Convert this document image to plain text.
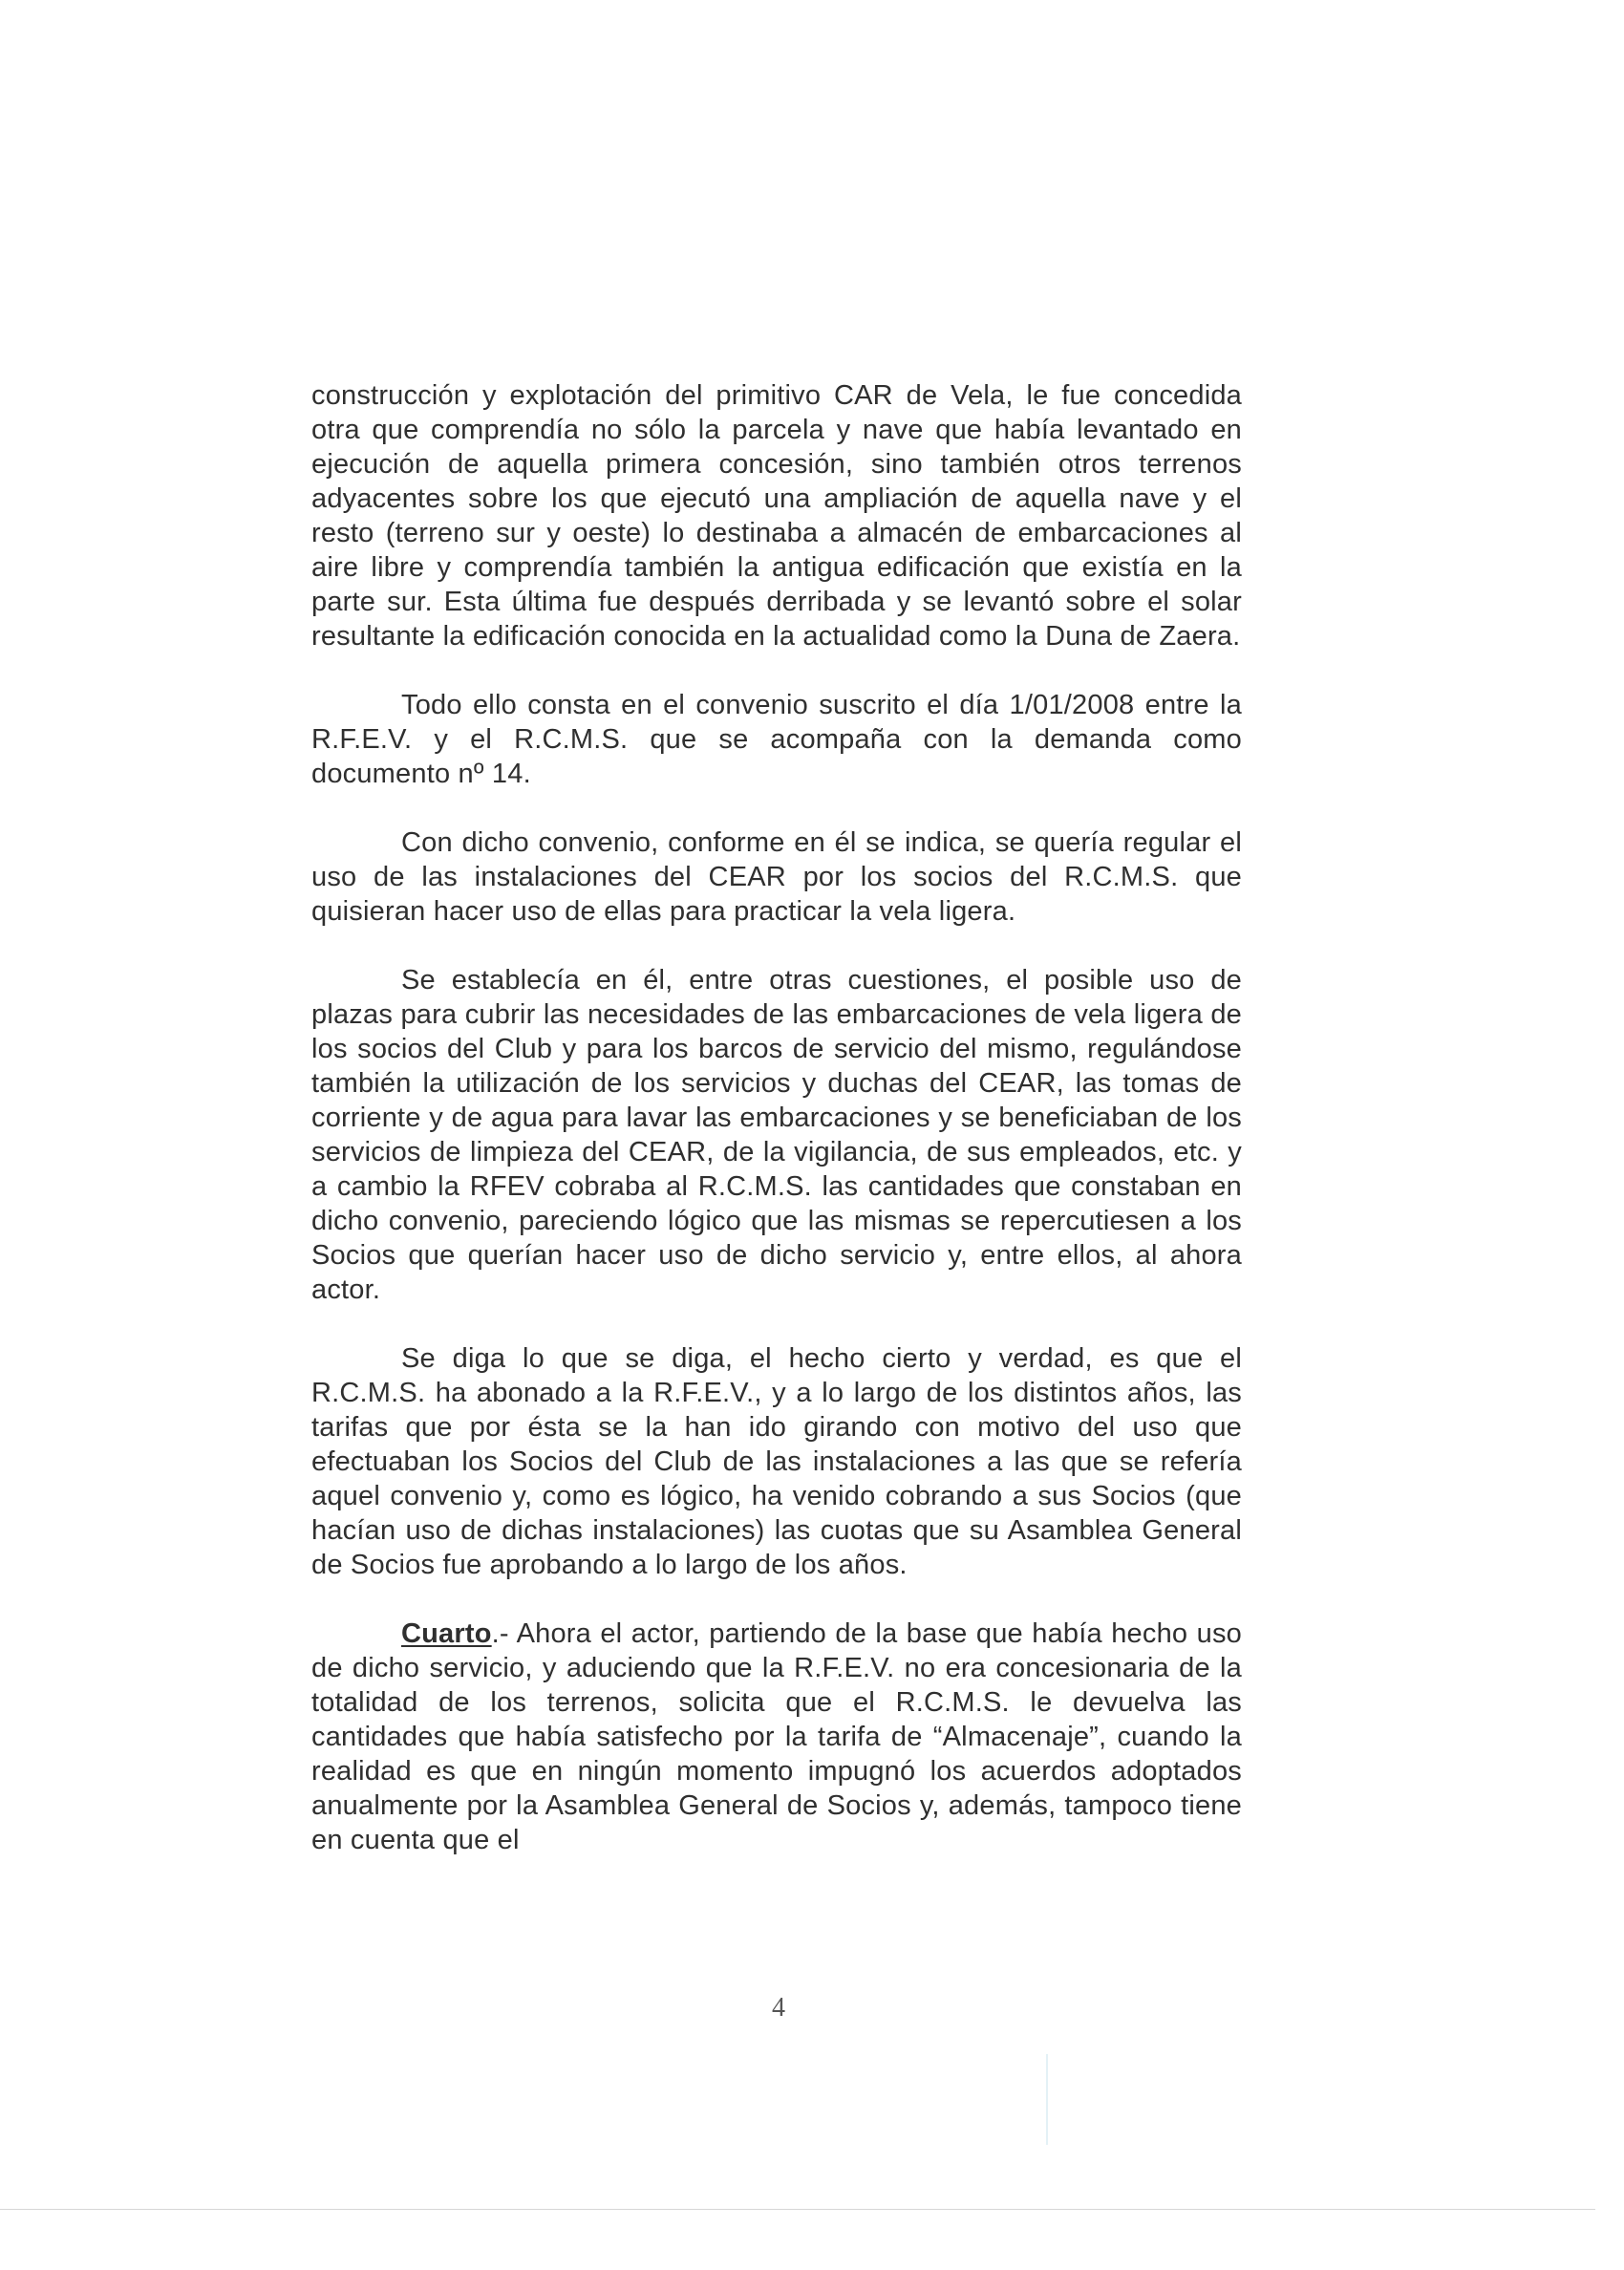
construcción y explotación del primitivo CAR de Vela, le fue concedida otra que comprendía no sólo la parcela y nave que había levantado en ejecución de aquella primera concesión, sino también otros terrenos adyacentes sobre los que ejecutó una ampliación de aquella nave y el resto (terreno sur y oeste) lo destinaba a almacén de embarcaciones al aire libre y comprendía también la antigua edificación que existía en la parte sur. Esta última fue después derribada y se levantó sobre el solar resultante la edificación conocida en la actualidad como la Duna de Zaera.

Todo ello consta en el convenio suscrito el día 1/01/2008 entre la R.F.E.V. y el R.C.M.S. que se acompaña con la demanda como documento nº 14.

Con dicho convenio, conforme en él se indica, se quería regular el uso de las instalaciones del CEAR por los socios del R.C.M.S. que quisieran hacer uso de ellas para practicar la vela ligera.

Se establecía en él, entre otras cuestiones, el posible uso de plazas para cubrir las necesidades de las embarcaciones de vela ligera de los socios del Club y para los barcos de servicio del mismo, regulándose también la utilización de los servicios y duchas del CEAR, las tomas de corriente y de agua para lavar las embarcaciones y se beneficiaban de los servicios de limpieza del CEAR, de la vigilancia, de sus empleados, etc. y a cambio la RFEV cobraba al R.C.M.S. las cantidades que constaban en dicho convenio, pareciendo lógico que las mismas se repercutiesen a los Socios que querían hacer uso de dicho servicio y, entre ellos, al ahora actor.

Se diga lo que se diga, el hecho cierto y verdad, es que el R.C.M.S. ha abonado a la R.F.E.V., y a lo largo de los distintos años, las tarifas que por ésta se la han ido girando con motivo del uso que efectuaban los Socios del Club de las instalaciones a las que se refería aquel convenio y, como es lógico, ha venido cobrando a sus Socios (que hacían uso de dichas instalaciones) las cuotas que su Asamblea General de Socios fue aprobando a lo largo de los años.

Cuarto.- Ahora el actor, partiendo de la base que había hecho uso de dicho servicio, y aduciendo que la R.F.E.V. no era concesionaria de la totalidad de los terrenos, solicita que el R.C.M.S. le devuelva las cantidades que había satisfecho por la tarifa de “Almacenaje”, cuando la realidad es que en ningún momento impugnó los acuerdos adoptados anualmente por la Asamblea General de Socios y, además, tampoco tiene en cuenta que el

4
